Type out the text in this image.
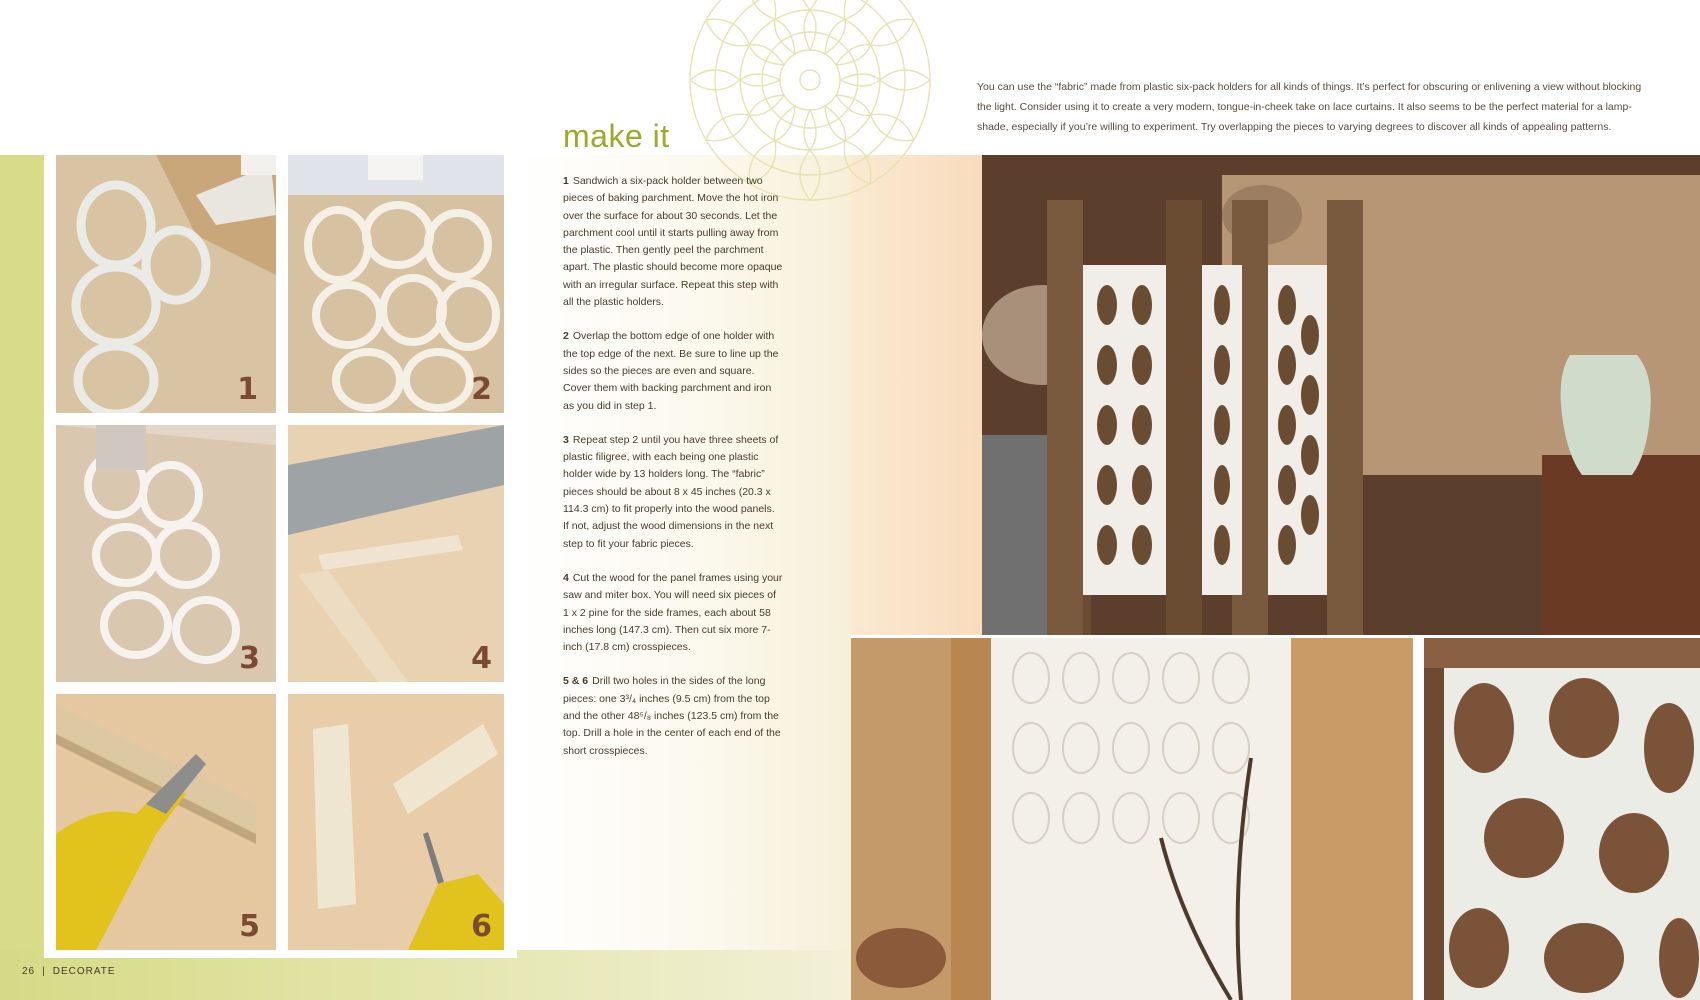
make it
You can use the “fabric” made from plastic six-pack holders for all kinds of things. It’s perfect for obscuring or enlivening a view without blocking the light. Consider using it to create a very modern, tongue-in-cheek take on lace curtains. It also seems to be the perfect material for a lamp-shade, especially if you’re willing to experiment. Try overlapping the pieces to varying degrees to discover all kinds of appealing patterns.

1 Sandwich a six-pack holder between two pieces of baking parchment. Move the hot iron over the surface for about 30 seconds. Let the parchment cool until it starts pulling away from the plastic. Then gently peel the parchment apart. The plastic should become more opaque with an irregular surface. Repeat this step with all the plastic holders.

2 Overlap the bottom edge of one holder with the top edge of the next. Be sure to line up the sides so the pieces are even and square. Cover them with backing parchment and iron as you did in step 1.

3 Repeat step 2 until you have three sheets of plastic filigree, with each being one plastic holder wide by 13 holders long. The “fabric” pieces should be about 8 x 45 inches (20.3 x 114.3 cm) to fit properly into the wood panels. If not, adjust the wood dimensions in the next step to fit your fabric pieces.

4 Cut the wood for the panel frames using your saw and miter box. You will need six pieces of 1 x 2 pine for the side frames, each about 58 inches long (147.3 cm). Then cut six more 7-inch (17.8 cm) crosspieces.

5 & 6 Drill two holes in the sides of the long pieces: one 3³/₄ inches (9.5 cm) from the top and the other 48⁵/₈ inches (123.5 cm) from the top. Drill a hole in the center of each end of the short crosspieces.

1	2
3	4
5	6
26 | DECORATE
